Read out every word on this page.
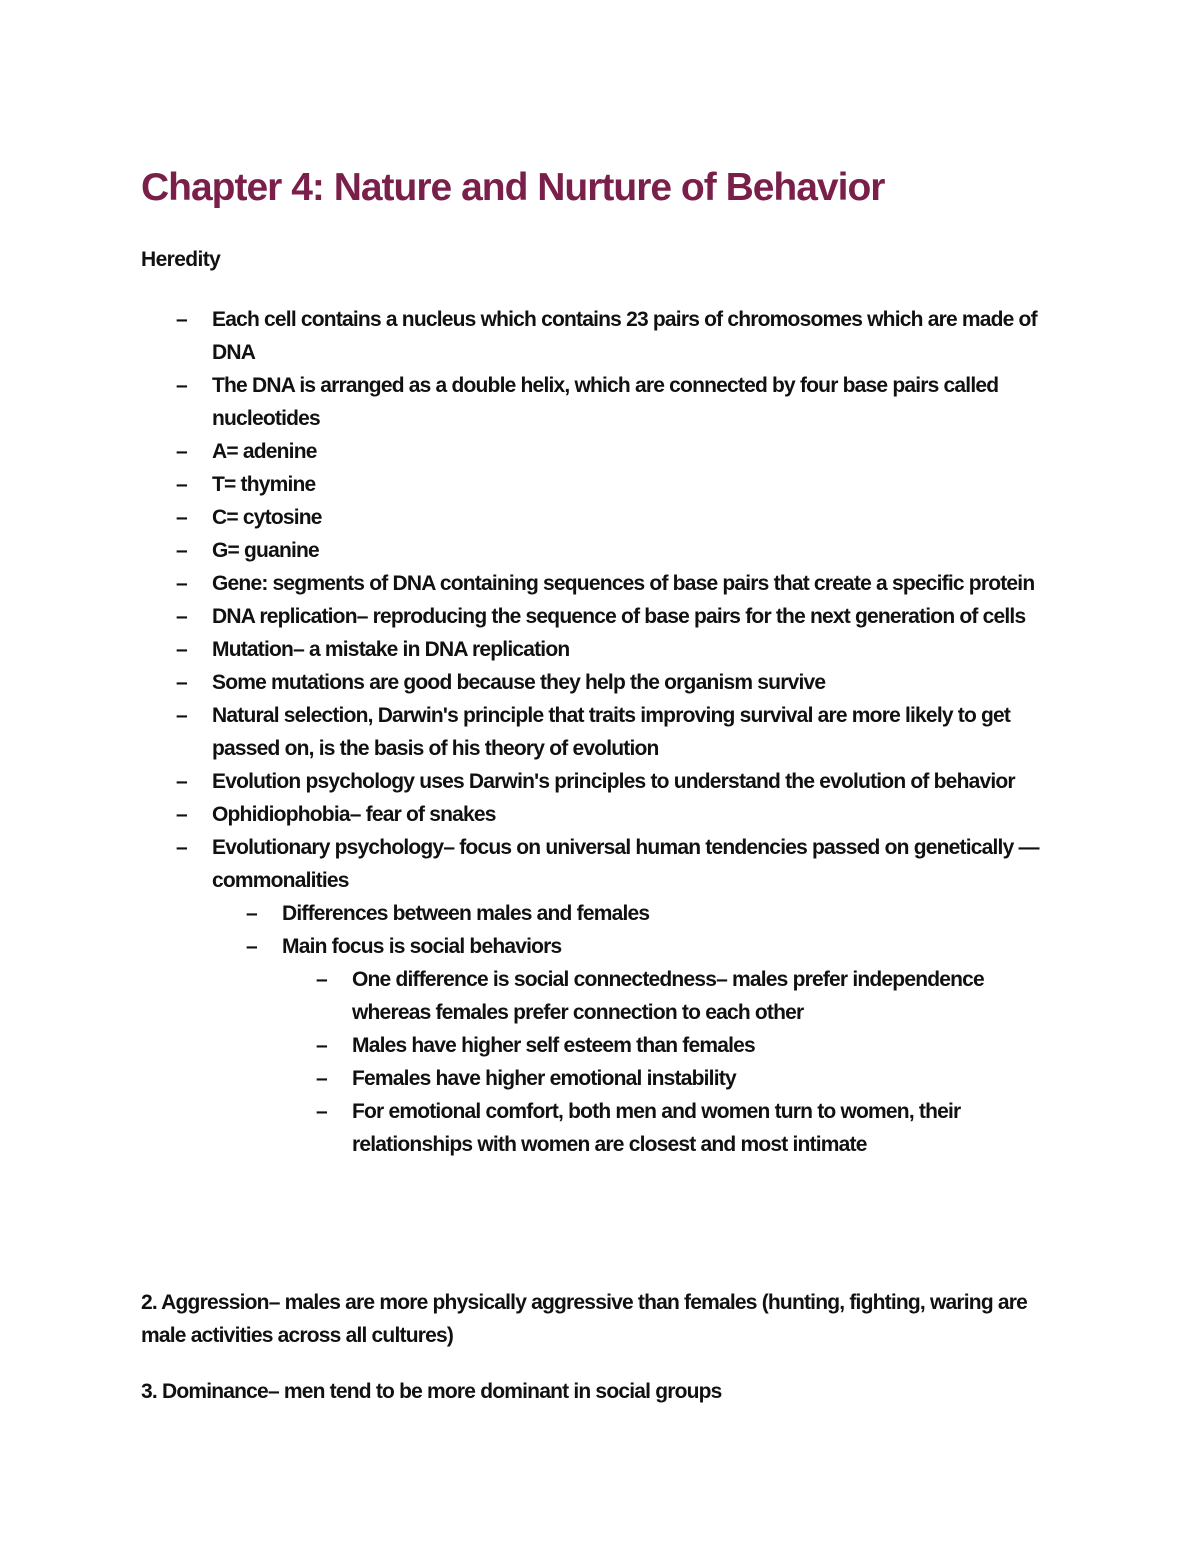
Chapter 4: Nature and Nurture of Behavior
Heredity
– Each cell contains a nucleus which contains 23 pairs of chromosomes which are made of DNA
– The DNA is arranged as a double helix, which are connected by four base pairs called nucleotides
– A= adenine
– T= thymine
– C= cytosine
– G= guanine
– Gene: segments of DNA containing sequences of base pairs that create a specific protein
– DNA replication– reproducing the sequence of base pairs for the next generation of cells
– Mutation– a mistake in DNA replication
– Some mutations are good because they help the organism survive
– Natural selection, Darwin's principle that traits improving survival are more likely to get passed on, is the basis of his theory of evolution
– Evolution psychology uses Darwin's principles to understand the evolution of behavior
– Ophidiophobia– fear of snakes
– Evolutionary psychology– focus on universal human tendencies passed on genetically — commonalities
– Differences between males and females
– Main focus is social behaviors
– One difference is social connectedness– males prefer independence whereas females prefer connection to each other
– Males have higher self esteem than females
– Females have higher emotional instability
– For emotional comfort, both men and women turn to women, their relationships with women are closest and most intimate
2. Aggression– males are more physically aggressive than females (hunting, fighting, waring are male activities across all cultures)
3. Dominance– men tend to be more dominant in social groups
